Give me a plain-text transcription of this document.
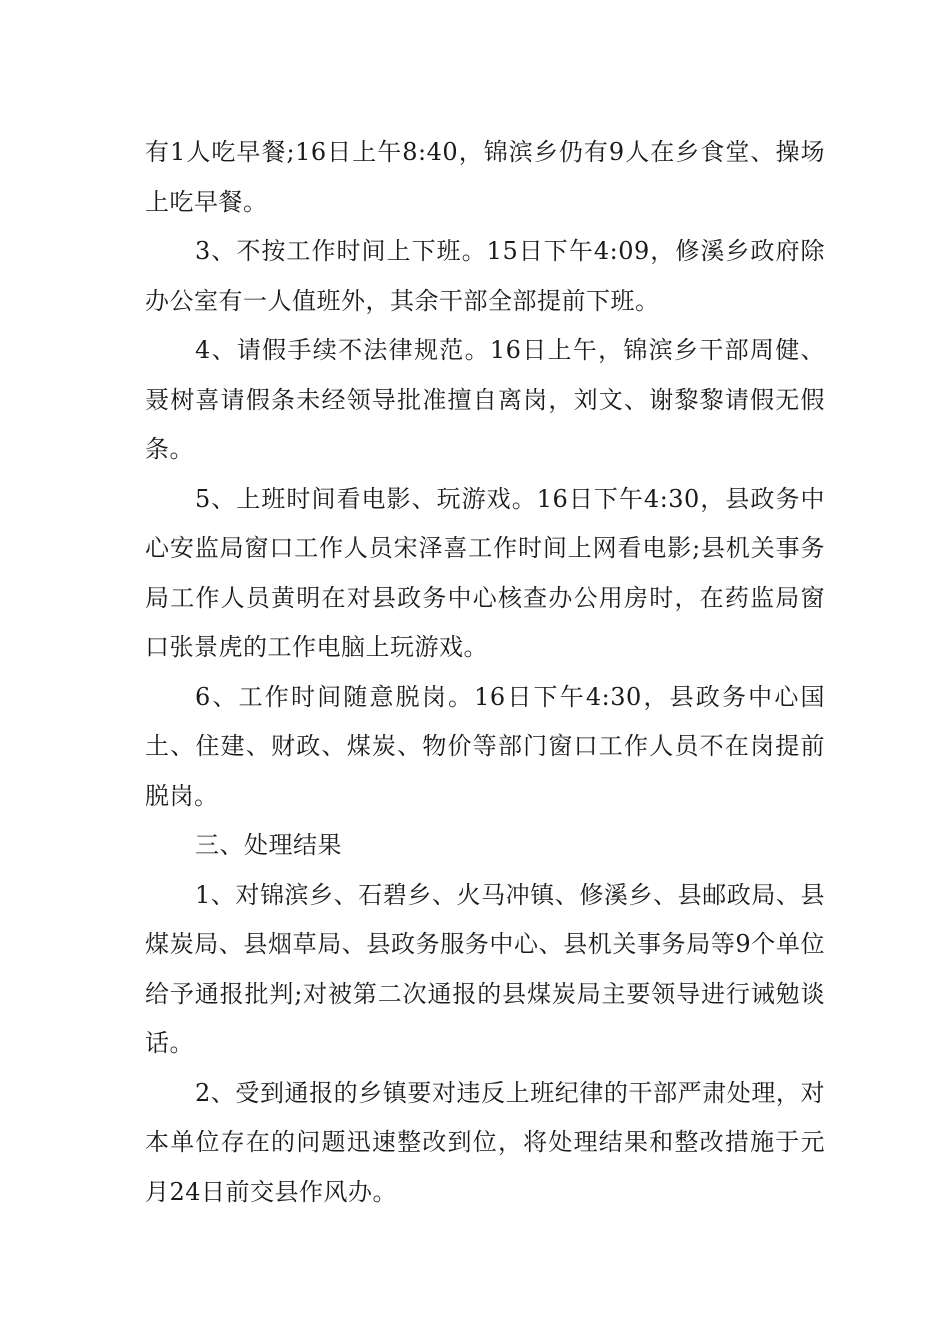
有1人吃早餐;16日上午8:40，锦滨乡仍有9人在乡食堂、操场上吃早餐。

3、不按工作时间上下班。15日下午4:09，修溪乡政府除办公室有一人值班外，其余干部全部提前下班。

4、请假手续不法律规范。16日上午，锦滨乡干部周健、聂树喜请假条未经领导批准擅自离岗，刘文、谢黎黎请假无假条。

5、上班时间看电影、玩游戏。16日下午4:30，县政务中心安监局窗口工作人员宋泽喜工作时间上网看电影;县机关事务局工作人员黄明在对县政务中心核查办公用房时，在药监局窗口张景虎的工作电脑上玩游戏。

6、工作时间随意脱岗。16日下午4:30，县政务中心国土、住建、财政、煤炭、物价等部门窗口工作人员不在岗提前脱岗。

三、处理结果

1、对锦滨乡、石碧乡、火马冲镇、修溪乡、县邮政局、县煤炭局、县烟草局、县政务服务中心、县机关事务局等9个单位给予通报批判;对被第二次通报的县煤炭局主要领导进行诫勉谈话。

2、受到通报的乡镇要对违反上班纪律的干部严肃处理，对本单位存在的问题迅速整改到位，将处理结果和整改措施于元月24日前交县作风办。
